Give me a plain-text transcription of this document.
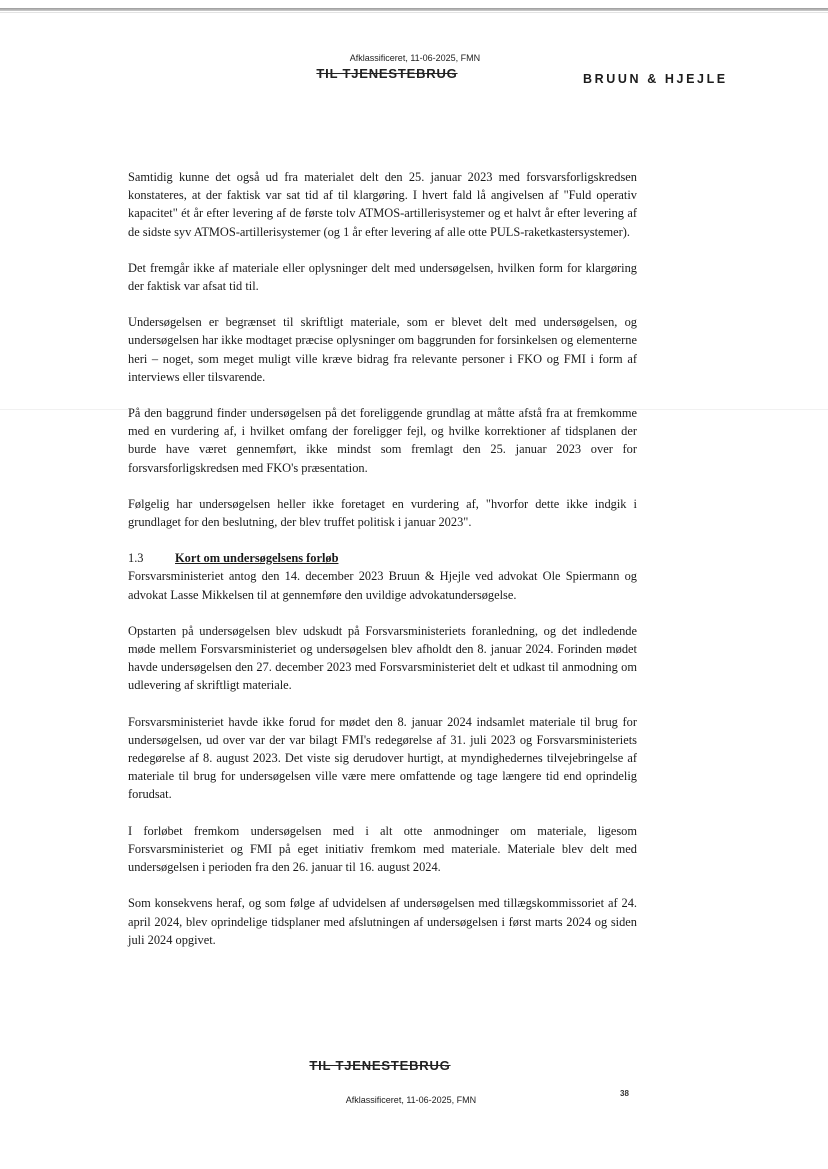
Afklassificeret, 11-06-2025, FMN
TIL TJENESTEBRUG	BRUUN & HJEJLE

Samtidig kunne det også ud fra materialet delt den 25. januar 2023 med forsvarsforligskredsen konstateres, at der faktisk var sat tid af til klargøring. I hvert fald lå angivelsen af "Fuld operativ kapacitet" ét år efter levering af de første tolv ATMOS-artillerisystemer og et halvt år efter levering af de sidste syv ATMOS-artillerisystemer (og 1 år efter levering af alle otte PULS-raketkastersystemer).

Det fremgår ikke af materiale eller oplysninger delt med undersøgelsen, hvilken form for klargøring der faktisk var afsat tid til.

Undersøgelsen er begrænset til skriftligt materiale, som er blevet delt med undersøgelsen, og undersøgelsen har ikke modtaget præcise oplysninger om baggrunden for forsinkelsen og elementerne heri – noget, som meget muligt ville kræve bidrag fra relevante personer i FKO og FMI i form af interviews eller tilsvarende.

På den baggrund finder undersøgelsen på det foreliggende grundlag at måtte afstå fra at fremkomme med en vurdering af, i hvilket omfang der foreligger fejl, og hvilke korrektioner af tidsplanen der burde have været gennemført, ikke mindst som fremlagt den 25. januar 2023 over for forsvarsforligskredsen med FKO's præsentation.

Følgelig har undersøgelsen heller ikke foretaget en vurdering af, "hvorfor dette ikke indgik i grundlaget for den beslutning, der blev truffet politisk i januar 2023".

1.3	Kort om undersøgelsens forløb

Forsvarsministeriet antog den 14. december 2023 Bruun & Hjejle ved advokat Ole Spiermann og advokat Lasse Mikkelsen til at gennemføre den uvildige advokatundersøgelse.

Opstarten på undersøgelsen blev udskudt på Forsvarsministeriets foranledning, og det indledende møde mellem Forsvarsministeriet og undersøgelsen blev afholdt den 8. januar 2024. Forinden mødet havde undersøgelsen den 27. december 2023 med Forsvarsministeriet delt et udkast til anmodning om udlevering af skriftligt materiale.

Forsvarsministeriet havde ikke forud for mødet den 8. januar 2024 indsamlet materiale til brug for undersøgelsen, ud over var der var bilagt FMI's redegørelse af 31. juli 2023 og Forsvarsministeriets redegørelse af 8. august 2023. Det viste sig derudover hurtigt, at myndighedernes tilvejebringelse af materiale til brug for undersøgelsen ville være mere omfattende og tage længere tid end oprindelig forudsat.

I forløbet fremkom undersøgelsen med i alt otte anmodninger om materiale, ligesom Forsvarsministeriet og FMI på eget initiativ fremkom med materiale. Materiale blev delt med undersøgelsen i perioden fra den 26. januar til 16. august 2024.

Som konsekvens heraf, og som følge af udvidelsen af undersøgelsen med tillægskommissoriet af 24. april 2024, blev oprindelige tidsplaner med afslutningen af undersøgelsen i først marts 2024 og siden juli 2024 opgivet.

TIL TJENESTEBRUG
Afklassificeret, 11-06-2025, FMN
38
